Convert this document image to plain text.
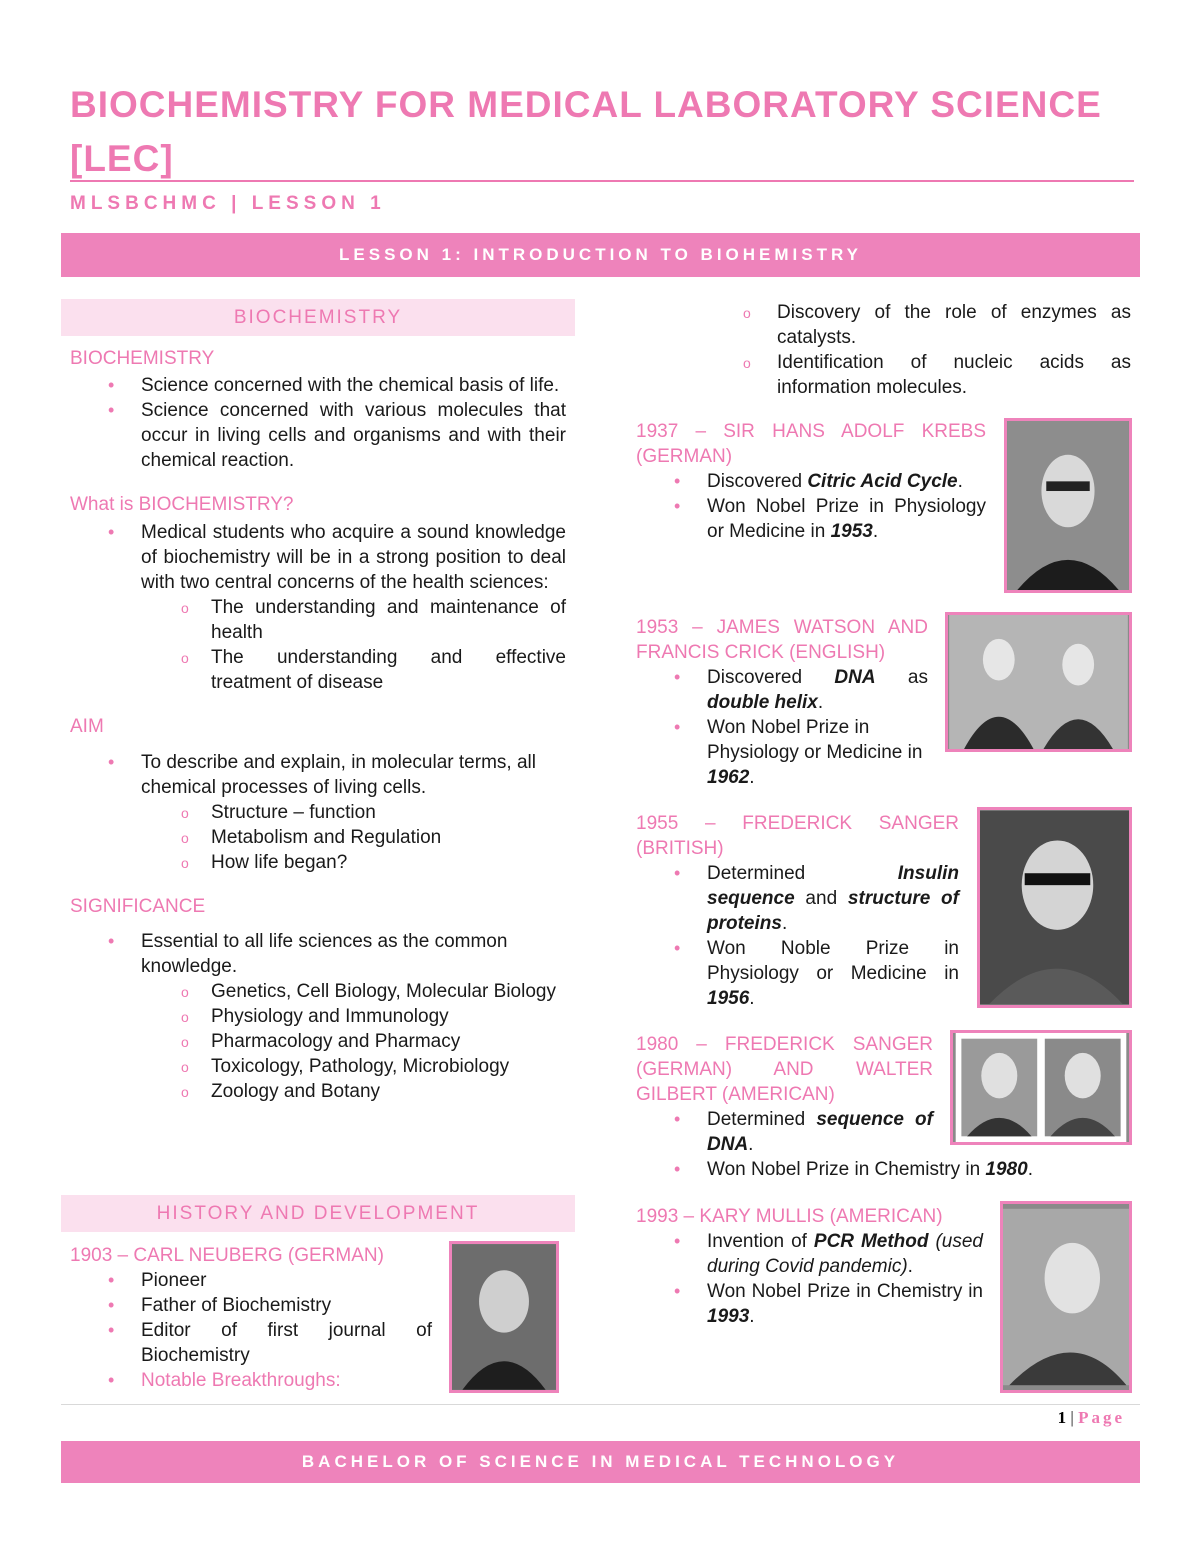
BIOCHEMISTRY FOR MEDICAL LABORATORY SCIENCE [LEC]
MLSBCHMC | LESSON 1
LESSON 1: INTRODUCTION TO BIOHEMISTRY
BIOCHEMISTRY
BIOCHEMISTRY
• Science concerned with the chemical basis of life.
• Science concerned with various molecules that occur in living cells and organisms and with their chemical reaction.
What is BIOCHEMISTRY?
• Medical students who acquire a sound knowledge of biochemistry will be in a strong position to deal with two central concerns of the health sciences:
o The understanding and maintenance of health
o The understanding and effective treatment of disease
AIM
• To describe and explain, in molecular terms, all chemical processes of living cells.
o Structure – function
o Metabolism and Regulation
o How life began?
SIGNIFICANCE
• Essential to all life sciences as the common knowledge.
o Genetics, Cell Biology, Molecular Biology
o Physiology and Immunology
o Pharmacology and Pharmacy
o Toxicology, Pathology, Microbiology
o Zoology and Botany
HISTORY AND DEVELOPMENT
1903 – CARL NEUBERG (GERMAN)
• Pioneer
• Father of Biochemistry
• Editor of first journal of Biochemistry
• Notable Breakthroughs:
o Discovery of the role of enzymes as catalysts.
o Identification of nucleic acids as information molecules.
1937 – SIR HANS ADOLF KREBS (GERMAN)
• Discovered Citric Acid Cycle.
• Won Nobel Prize in Physiology or Medicine in 1953.
1953 – JAMES WATSON AND FRANCIS CRICK (ENGLISH)
• Discovered DNA as double helix.
• Won Nobel Prize in Physiology or Medicine in 1962.
1955 – FREDERICK SANGER (BRITISH)
• Determined Insulin sequence and structure of proteins.
• Won Noble Prize in Physiology or Medicine in 1956.
1980 – FREDERICK SANGER (GERMAN) AND WALTER GILBERT (AMERICAN)
• Determined sequence of DNA.
• Won Nobel Prize in Chemistry in 1980.
1993 – KARY MULLIS (AMERICAN)
• Invention of PCR Method (used during Covid pandemic).
• Won Nobel Prize in Chemistry in 1993.
1 | Page
BACHELOR OF SCIENCE IN MEDICAL TECHNOLOGY
